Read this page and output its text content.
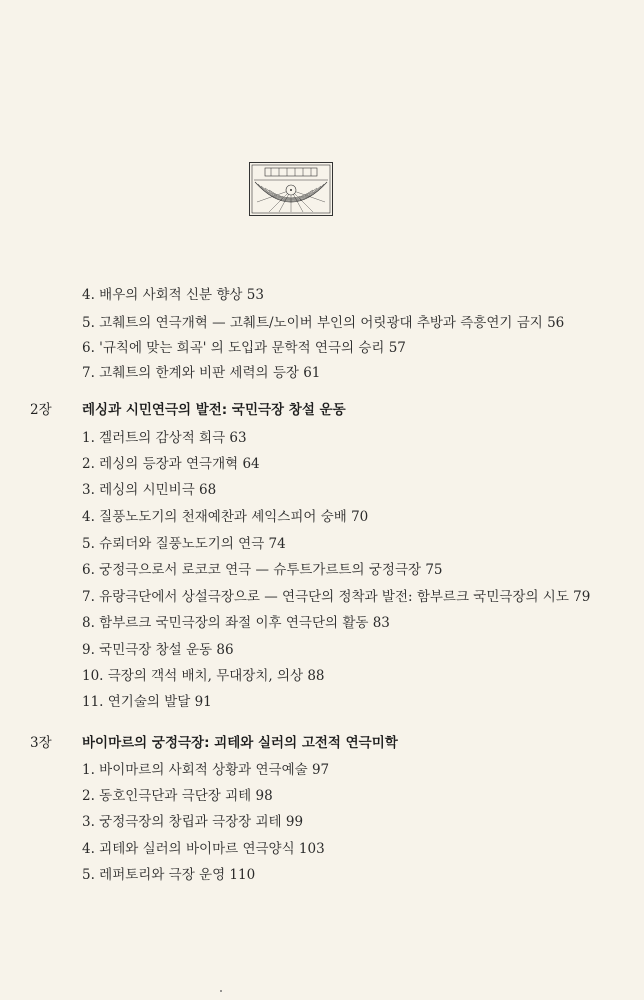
4. 배우의 사회적 신분 향상 53
5. 고췌트의 연극개혁 — 고췌트/노이버 부인의 어릿광대 추방과 즉흥연기 금지 56
6. '규칙에 맞는 희곡' 의 도입과 문학적 연극의 승리 57
7. 고췌트의 한계와 비판 세력의 등장 61
2장 레싱과 시민연극의 발전: 국민극장 창설 운동
1. 겔러트의 감상적 희극 63
2. 레싱의 등장과 연극개혁 64
3. 레싱의 시민비극 68
4. 질풍노도기의 천재예찬과 셰익스피어 숭배 70
5. 슈뢰더와 질풍노도기의 연극 74
6. 궁정극으로서 로코코 연극 — 슈투트가르트의 궁정극장 75
7. 유랑극단에서 상설극장으로 — 연극단의 정착과 발전: 함부르크 국민극장의 시도 79
8. 함부르크 국민극장의 좌절 이후 연극단의 활동 83
9. 국민극장 창설 운동 86
10. 극장의 객석 배치, 무대장치, 의상 88
11. 연기술의 발달 91
3장 바이마르의 궁정극장: 괴테와 실러의 고전적 연극미학
1. 바이마르의 사회적 상황과 연극예술 97
2. 동호인극단과 극단장 괴테 98
3. 궁정극장의 창립과 극장장 괴테 99
4. 괴테와 실러의 바이마르 연극양식 103
5. 레퍼토리와 극장 운영 110
